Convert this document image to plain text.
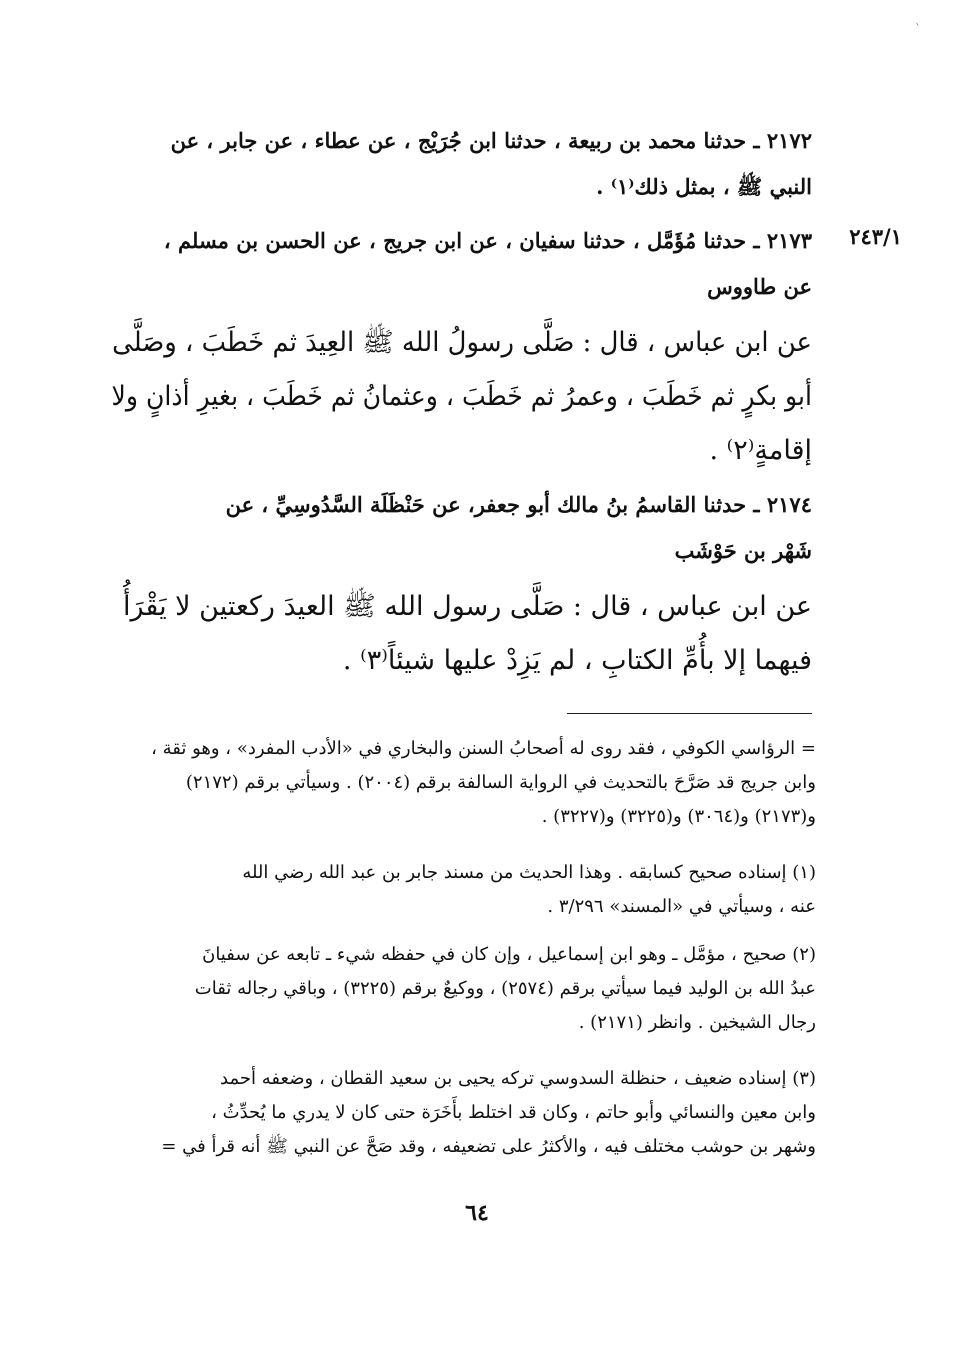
ˋ
٢٤٣/١
٢١٧٢ ـ حدثنا محمد بن ربيعة ، حدثنا ابن جُرَيْج ، عن عطاء ، عن جابر ، عن
النبي ﷺ ، بمثل ذلك⁽١⁾ .
٢١٧٣ ـ حدثنا مُؤَمَّل ، حدثنا سفيان ، عن ابن جريج ، عن الحسن بن مسلم ،
عن طاووس
عن ابن عباس ، قال : صَلَّى رسولُ الله ﷺ العِيدَ ثم خَطَبَ ، وصَلَّى
أبو بكرٍ ثم خَطَبَ ، وعمرُ ثم خَطَبَ ، وعثمانُ ثم خَطَبَ ، بغيرِ أذانٍ ولا
إقامةٍ⁽٢⁾ .
٢١٧٤ ـ حدثنا القاسمُ بنُ مالك أبو جعفر، عن حَنْظَلَة السَّدُوسِيِّ ، عن
شَهْر بن حَوْشَب
عن ابن عباس ، قال : صَلَّى رسول الله ﷺ العيدَ ركعتين لا يَقْرَأُ
فيهما إلا بأُمِّ الكتابِ ، لم يَزِدْ عليها شيئاً⁽٣⁾ .
= الرؤاسي الكوفي ، فقد روى له أصحابُ السنن والبخاري في «الأدب المفرد» ، وهو ثقة ،
وابن جريج قد صَرَّحَ بالتحديث في الرواية السالفة برقم (٢٠٠٤) . وسيأتي برقم (٢١٧٢)
و(٢١٧٣) و(٣٠٦٤) و(٣٢٢٥) و(٣٢٢٧) .
(١) إسناده صحيح كسابقه . وهذا الحديث من مسند جابر بن عبد الله رضي الله
عنه ، وسيأتي في «المسند» ٣/٢٩٦ .
(٢) صحيح ، مؤمَّل ـ وهو ابن إسماعيل ، وإن كان في حفظه شيء ـ تابعه عن سفيانَ
عبدُ الله بن الوليد فيما سيأتي برقم (٢٥٧٤) ، ووكيعٌ برقم (٣٢٢٥) ، وباقي رجاله ثقات
رجال الشيخين . وانظر (٢١٧١) .
(٣) إسناده ضعيف ، حنظلة السدوسي تركه يحيى بن سعيد القطان ، وضعفه أحمد
وابن معين والنسائي وأبو حاتم ، وكان قد اختلط بأَخَرَة حتى كان لا يدري ما يُحدِّثُ ،
وشهر بن حوشب مختلف فيه ، والأكثرُ على تضعيفه ، وقد صَحَّ عن النبي ﷺ أنه قرأ في =
٦٤
